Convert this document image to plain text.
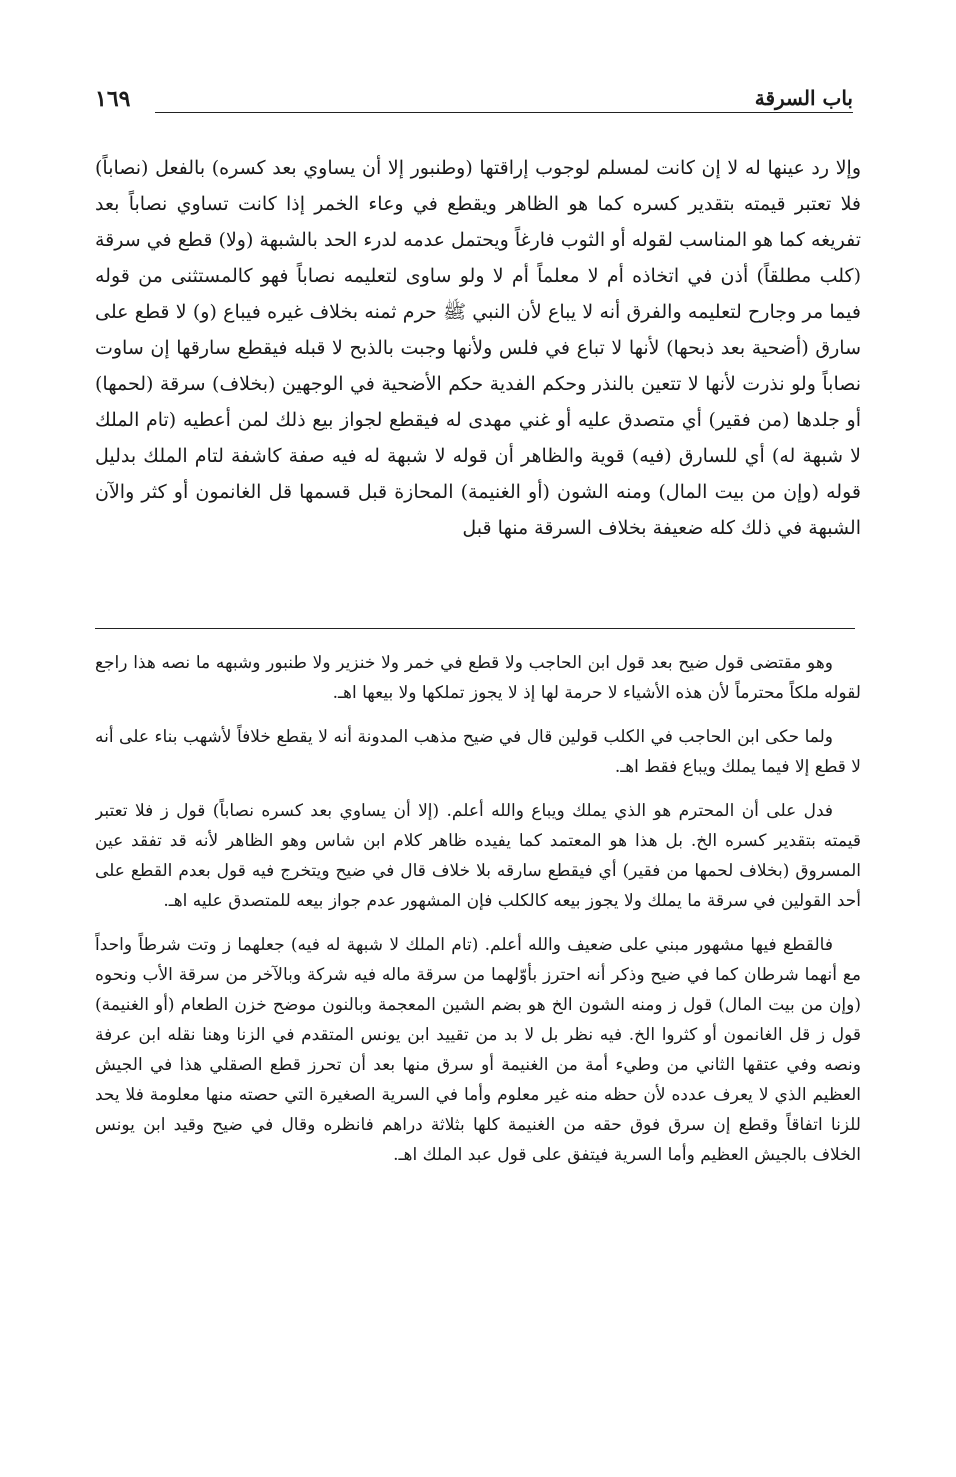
باب السرقة
١٦٩

وإلا رد عينها له لا إن كانت لمسلم لوجوب إراقتها (وطنبور إلا أن يساوي بعد كسره) بالفعل (نصاباً) فلا تعتبر قيمته بتقدير كسره كما هو الظاهر ويقطع في وعاء الخمر إذا كانت تساوي نصاباً بعد تفريغه كما هو المناسب لقوله أو الثوب فارغاً ويحتمل عدمه لدرء الحد بالشبهة (ولا) قطع في سرقة (كلب مطلقاً) أذن في اتخاذه أم لا معلماً أم لا ولو ساوى لتعليمه نصاباً فهو كالمستثنى من قوله فيما مر وجارح لتعليمه والفرق أنه لا يباع لأن النبي ﷺ حرم ثمنه بخلاف غيره فيباع (و) لا قطع على سارق (أضحية بعد ذبحها) لأنها لا تباع في فلس ولأنها وجبت بالذبح لا قبله فيقطع سارقها إن ساوت نصاباً ولو نذرت لأنها لا تتعين بالنذر وحكم الفدية حكم الأضحية في الوجهين (بخلاف) سرقة (لحمها) أو جلدها (من فقير) أي متصدق عليه أو غني مهدى له فيقطع لجواز بيع ذلك لمن أعطيه (تام الملك لا شبهة له) أي للسارق (فيه) قوية والظاهر أن قوله لا شبهة له فيه صفة كاشفة لتام الملك بدليل قوله (وإن من بيت المال) ومنه الشون (أو الغنيمة) المحازة قبل قسمها قل الغانمون أو كثر والآن الشبهة في ذلك كله ضعيفة بخلاف السرقة منها قبل

وهو مقتضى قول ضيح بعد قول ابن الحاجب ولا قطع في خمر ولا خنزير ولا طنبور وشبهه ما نصه هذا راجع لقوله ملكاً محترماً لأن هذه الأشياء لا حرمة لها إذ لا يجوز تملكها ولا بيعها اهـ.

ولما حكى ابن الحاجب في الكلب قولين قال في ضيح مذهب المدونة أنه لا يقطع خلافاً لأشهب بناء على أنه لا قطع إلا فيما يملك ويباع فقط اهـ.

فدل على أن المحترم هو الذي يملك ويباع والله أعلم. (إلا أن يساوي بعد كسره نصاباً) قول ز فلا تعتبر قيمته بتقدير كسره الخ. بل هذا هو المعتمد كما يفيده ظاهر كلام ابن شاس وهو الظاهر لأنه قد تفقد عين المسروق (بخلاف لحمها من فقير) أي فيقطع سارقه بلا خلاف قال في ضيح ويتخرج فيه قول بعدم القطع على أحد القولين في سرقة ما يملك ولا يجوز بيعه كالكلب فإن المشهور عدم جواز بيعه للمتصدق عليه اهـ.

فالقطع فيها مشهور مبني على ضعيف والله أعلم. (تام الملك لا شبهة له فيه) جعلهما ز وتت شرطاً واحداً مع أنهما شرطان كما في ضيح وذكر أنه احترز بأوّلهما من سرقة ماله فيه شركة وبالآخر من سرقة الأب ونحوه (وإن من بيت المال) قول ز ومنه الشون الخ هو بضم الشين المعجمة وبالنون موضح خزن الطعام (أو الغنيمة) قول ز قل الغانمون أو كثروا الخ. فيه نظر بل لا بد من تقييد ابن يونس المتقدم في الزنا وهنا نقله ابن عرفة ونصه وفي عتقها الثاني من وطيء أمة من الغنيمة أو سرق منها بعد أن تحرز قطع الصقلي هذا في الجيش العظيم الذي لا يعرف عدده لأن حظه منه غير معلوم وأما في السرية الصغيرة التي حصته منها معلومة فلا يحد للزنا اتفاقاً وقطع إن سرق فوق حقه من الغنيمة كلها بثلاثة دراهم فانظره وقال في ضيح وقيد ابن يونس الخلاف بالجيش العظيم وأما السرية فيتفق على قول عبد الملك اهـ.
